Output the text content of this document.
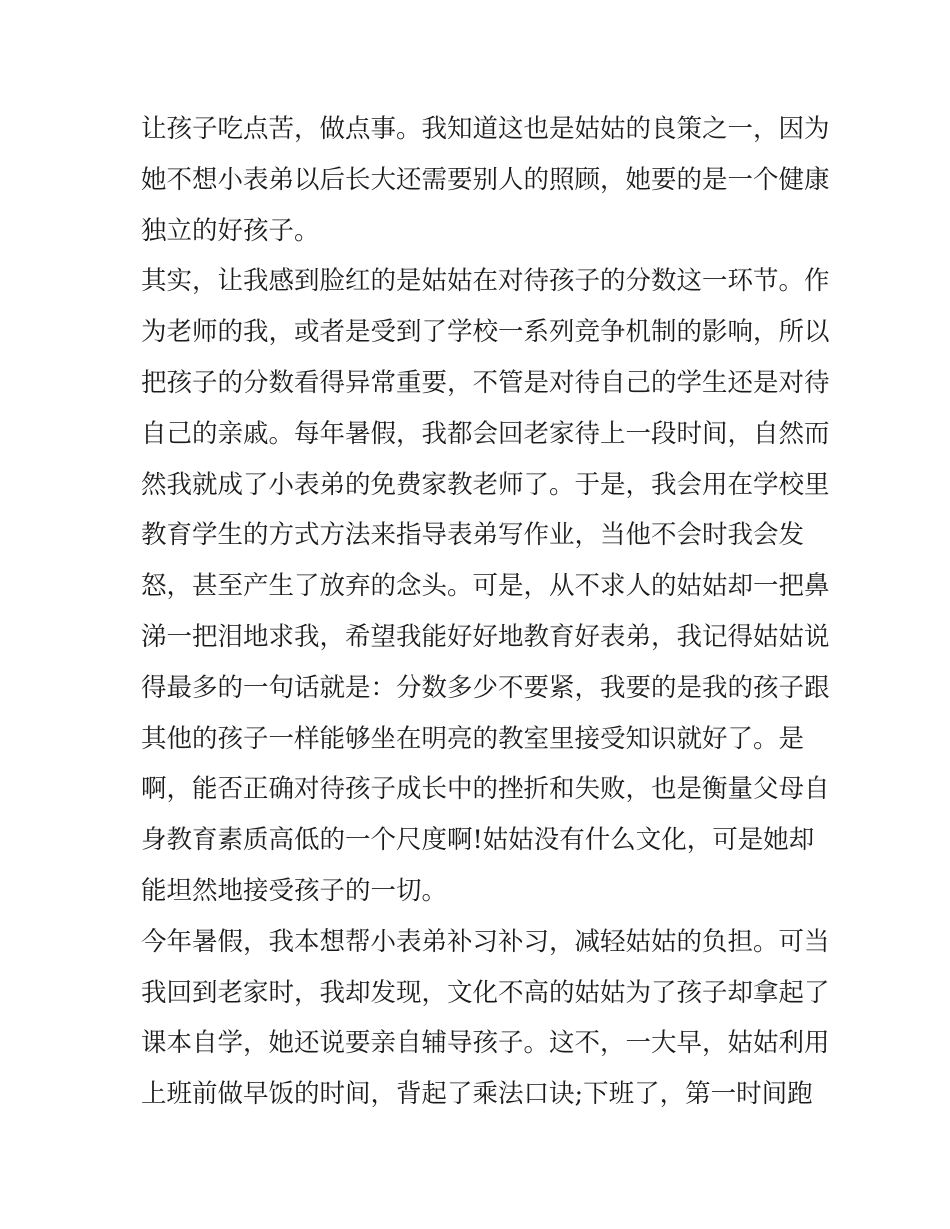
让孩子吃点苦，做点事。我知道这也是姑姑的良策之一，因为
她不想小表弟以后长大还需要别人的照顾，她要的是一个健康
独立的好孩子。
其实，让我感到脸红的是姑姑在对待孩子的分数这一环节。作
为老师的我，或者是受到了学校一系列竞争机制的影响，所以
把孩子的分数看得异常重要，不管是对待自己的学生还是对待
自己的亲戚。每年暑假，我都会回老家待上一段时间，自然而
然我就成了小表弟的免费家教老师了。于是，我会用在学校里
教育学生的方式方法来指导表弟写作业，当他不会时我会发
怒，甚至产生了放弃的念头。可是，从不求人的姑姑却一把鼻
涕一把泪地求我，希望我能好好地教育好表弟，我记得姑姑说
得最多的一句话就是：分数多少不要紧，我要的是我的孩子跟
其他的孩子一样能够坐在明亮的教室里接受知识就好了。是
啊，能否正确对待孩子成长中的挫折和失败，也是衡量父母自
身教育素质高低的一个尺度啊!姑姑没有什么文化，可是她却
能坦然地接受孩子的一切。
今年暑假，我本想帮小表弟补习补习，减轻姑姑的负担。可当
我回到老家时，我却发现，文化不高的姑姑为了孩子却拿起了
课本自学，她还说要亲自辅导孩子。这不，一大早，姑姑利用
上班前做早饭的时间，背起了乘法口诀;下班了，第一时间跑
